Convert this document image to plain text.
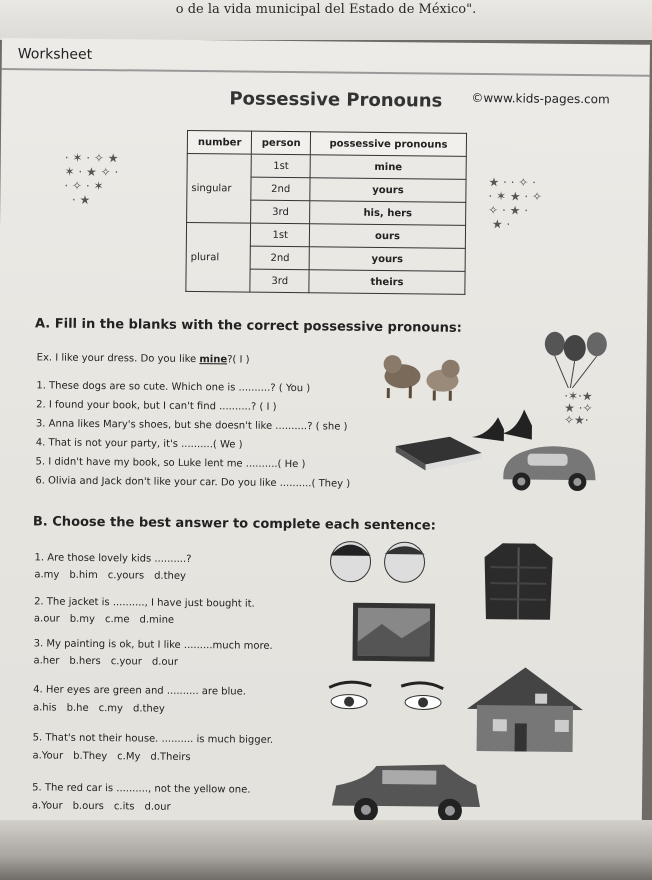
o de la vida municipal del Estado de México".
Worksheet
©www.kids-pages.com
Possessive Pronouns
· ✶ · ✧ ★
✶ · ★ ✧ ·
· ✧ · ✶
· ★
★ · · ✧ ·
· ✶ ★ · ✧
✧ · ★ ·
★ ·
number	person	possessive pronouns
singular	1st	mine
	2nd	yours
	3rd	his, hers
plural	1st	ours
	2nd	yours
	3rd	theirs
A. Fill in the blanks with the correct possessive pronouns:
Ex. I like your dress. Do you like mine?( I )
1. These dogs are so cute. Which one is ..........? ( You )
2. I found your book, but I can't find ..........? ( I )
3. Anna likes Mary's shoes, but she doesn't like ..........? ( she )
4. That is not your party, it's ..........( We )
5. I didn't have my book, so Luke lent me ..........( He )
6. Olivia and Jack don't like your car. Do you like ..........( They )
B. Choose the best answer to complete each sentence:
1. Are those lovely kids ..........?
a.my b.him c.yours d.they
2. The jacket is .........., I have just bought it.
a.our b.my c.me d.mine
3. My painting is ok, but I like .........much more.
a.her b.hers c.your d.our
4. Her eyes are green and .......... are blue.
a.his b.he c.my d.they
5. That's not their house. .......... is much bigger.
a.Your b.They c.My d.Theirs
5. The red car is .........., not the yellow one.
a.Your b.ours c.its d.our
·✶·★
★ ·✧
✧★·
